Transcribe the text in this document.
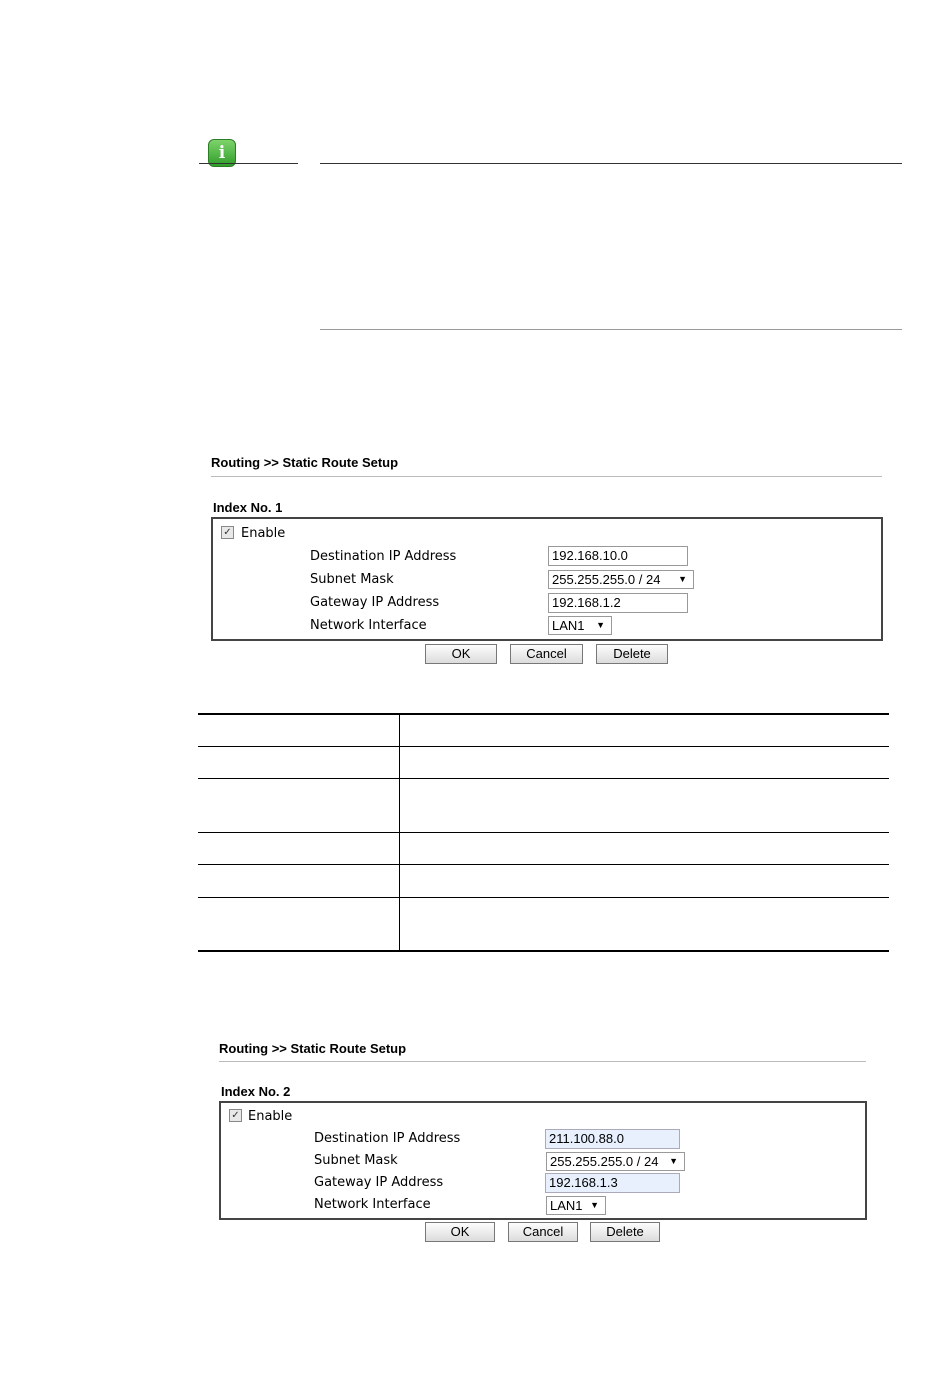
i
Routing >> Static Route Setup
Index No. 1
✓ Enable
Destination IP Address	192.168.10.0
Subnet Mask	255.255.255.0 / 24 ▼
Gateway IP Address	192.168.1.2
Network Interface	LAN1 ▼
OK	Cancel	Delete
Routing >> Static Route Setup
Index No. 2
✓ Enable
Destination IP Address	211.100.88.0
Subnet Mask	255.255.255.0 / 24 ▼
Gateway IP Address	192.168.1.3
Network Interface	LAN1 ▼
OK	Cancel	Delete
